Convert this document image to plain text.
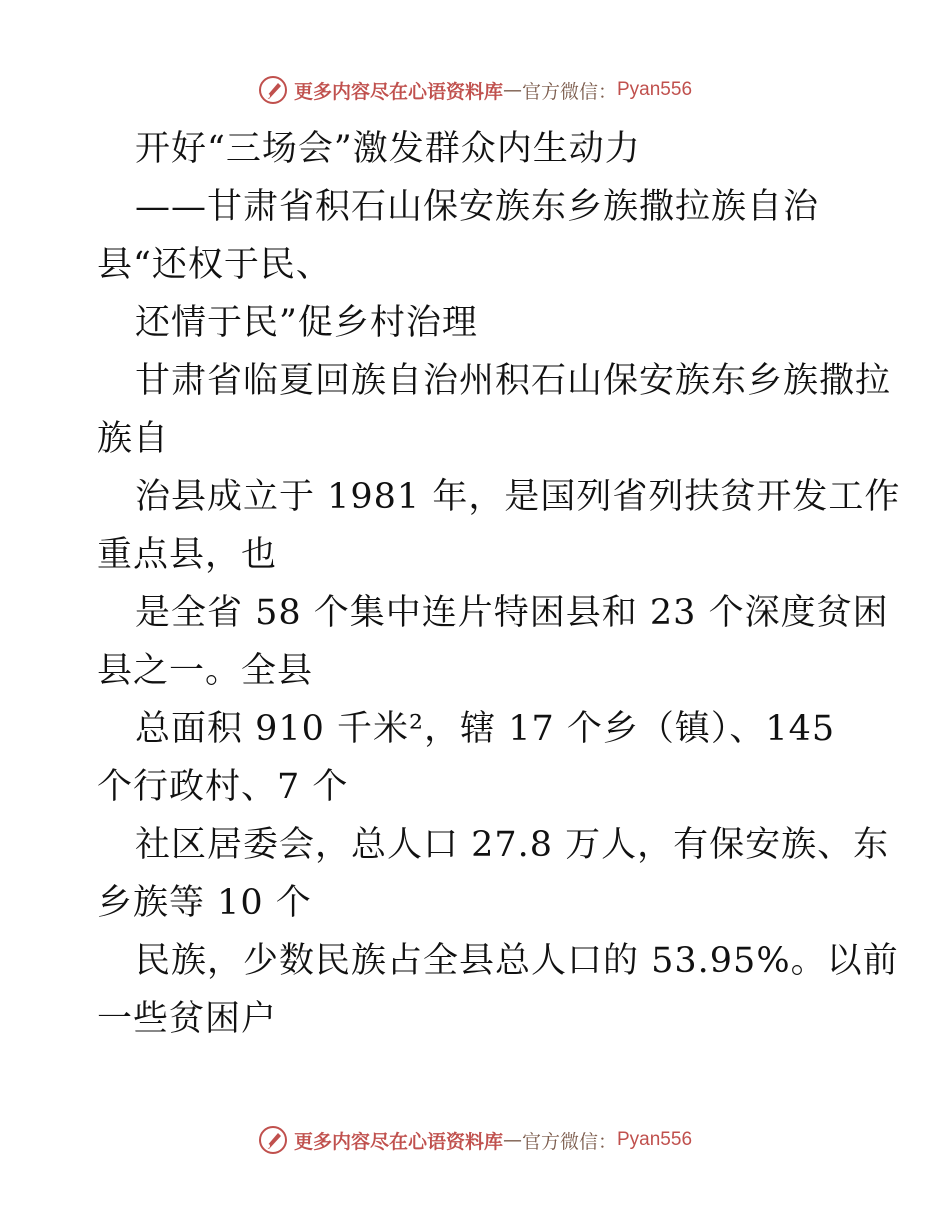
更多内容尽在心语资料库 — 官方微信： Pyan556
开好“三场会”激发群众内生动力
——甘肃省积石山保安族东乡族撒拉族自治
县“还权于民、
还情于民”促乡村治理
甘肃省临夏回族自治州积石山保安族东乡族撒拉
族自
治县成立于 1981 年，是国列省列扶贫开发工作
重点县，也
是全省 58 个集中连片特困县和 23 个深度贫困
县之一。全县
总面积 910 千米²，辖 17 个乡（镇）、145
个行政村、7 个
社区居委会，总人口 27.8 万人，有保安族、东
乡族等 10 个
民族，少数民族占全县总人口的 53.95%。以前
一些贫困户
更多内容尽在心语资料库 — 官方微信： Pyan556
